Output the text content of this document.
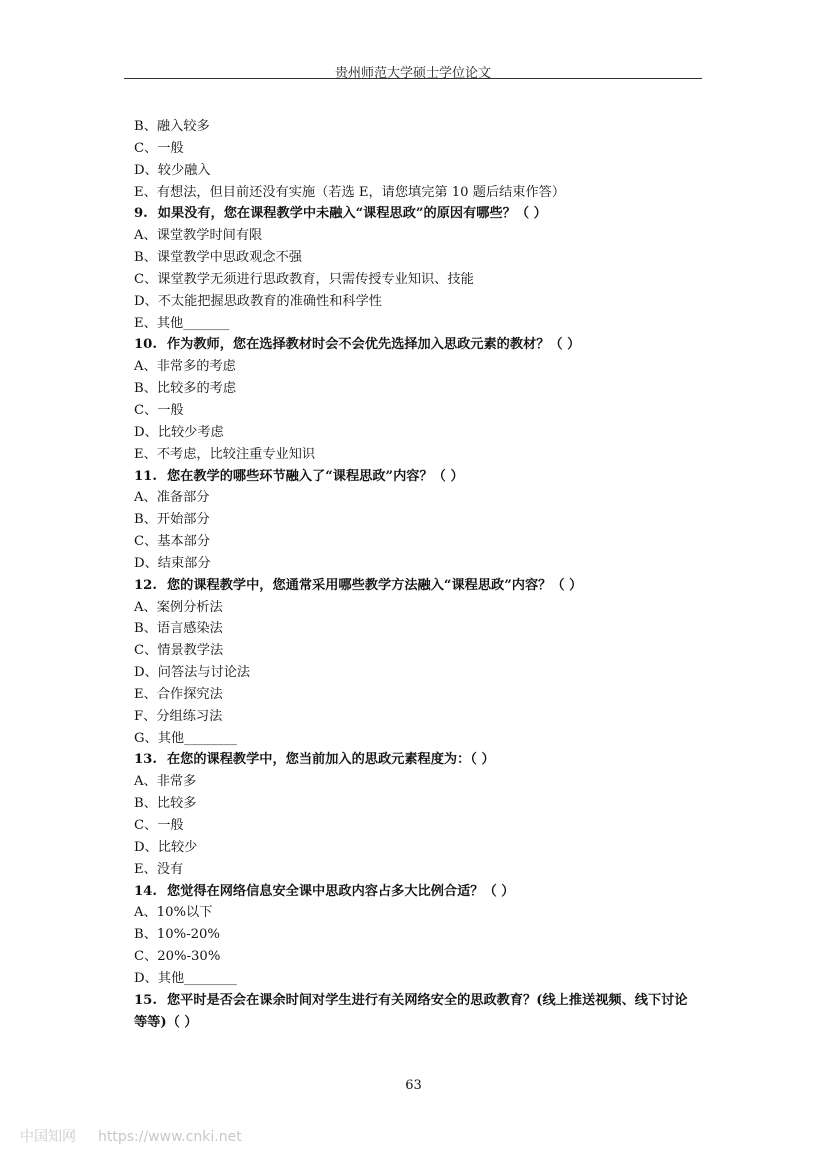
贵州师范大学硕士学位论文
B、融入较多
C、一般
D、较少融入
E、有想法，但目前还没有实施（若选 E，请您填完第 10 题后结束作答）
9. 如果没有，您在课程教学中未融入“课程思政”的原因有哪些？（ ）
A、课堂教学时间有限
B、课堂教学中思政观念不强
C、课堂教学无须进行思政教育，只需传授专业知识、技能
D、不太能把握思政教育的准确性和科学性
E、其他_______
10. 作为教师，您在选择教材时会不会优先选择加入思政元素的教材？（ ）
A、非常多的考虑
B、比较多的考虑
C、一般
D、比较少考虑
E、不考虑，比较注重专业知识
11. 您在教学的哪些环节融入了“课程思政”内容？（ ）
A、准备部分
B、开始部分
C、基本部分
D、结束部分
12. 您的课程教学中，您通常采用哪些教学方法融入“课程思政”内容？（ ）
A、案例分析法
B、语言感染法
C、情景教学法
D、问答法与讨论法
E、合作探究法
F、分组练习法
G、其他________
13. 在您的课程教学中，您当前加入的思政元素程度为：（ ）
A、非常多
B、比较多
C、一般
D、比较少
E、没有
14. 您觉得在网络信息安全课中思政内容占多大比例合适？（ ）
A、10%以下
B、10%-20%
C、20%-30%
D、其他________
15. 您平时是否会在课余时间对学生进行有关网络安全的思政教育？(线上推送视频、线下讨论等等)（ ）
63
中国知网 https://www.cnki.net
